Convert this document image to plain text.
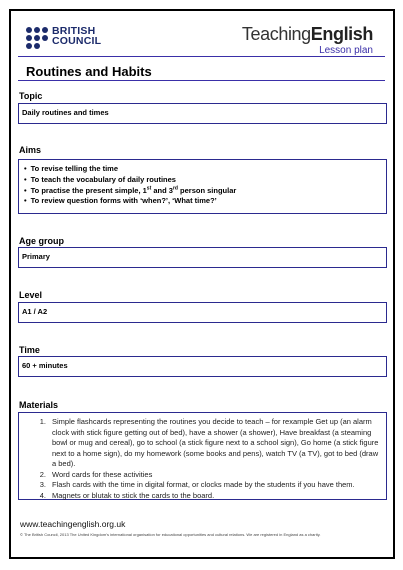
BRITISH
COUNCIL	TeachingEnglish
Lesson plan
Routines and Habits
Topic
Daily routines and times
Aims
• To revise telling the time
• To teach the vocabulary of daily routines
• To practise the present simple, 1st and 3rd person singular
• To review question forms with ‘when?’, ‘What time?’
Age group
Primary
Level
A1 / A2
Time
60 + minutes
Materials
1. Simple flashcards representing the routines you decide to teach – for rexample Get up (an alarm clock with stick figure getting out of bed), have a shower (a shower), Have breakfast (a steaming bowl or mug and cereal), go to school (a stick figure next to a school sign), Go home (a stick figure next to a home sign), do my homework (some books and pens), watch TV (a TV), got to bed (draw a bed).
2. Word cards for these activities
3. Flash cards with the time in digital format, or clocks made by the students if you have them.
4. Magnets or blutak to stick the cards to the board.
www.teachingenglish.org.uk
© The British Council, 2013 The United Kingdom’s international organisation for educational opportunities and cultural relations. We are registered in England as a charity.
